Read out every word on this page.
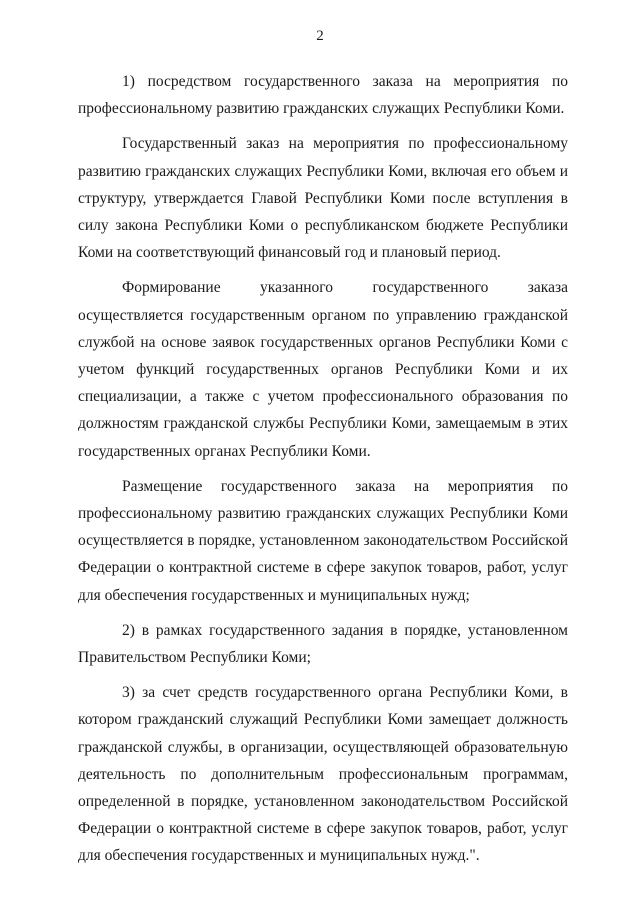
2

1) посредством государственного заказа на мероприятия по профессиональному развитию гражданских служащих Республики Коми.

Государственный заказ на мероприятия по профессиональному развитию гражданских служащих Республики Коми, включая его объем и структуру, утверждается Главой Республики Коми после вступления в силу закона Республики Коми о республиканском бюджете Республики Коми на соответствующий финансовый год и плановый период.

Формирование указанного государственного заказа осуществляется государственным органом по управлению гражданской службой на основе заявок государственных органов Республики Коми с учетом функций государственных органов Республики Коми и их специализации, а также с учетом профессионального образования по должностям гражданской службы Республики Коми, замещаемым в этих государственных органах Республики Коми.

Размещение государственного заказа на мероприятия по профессиональному развитию гражданских служащих Республики Коми осуществляется в порядке, установленном законодательством Российской Федерации о контрактной системе в сфере закупок товаров, работ, услуг для обеспечения государственных и муниципальных нужд;

2) в рамках государственного задания в порядке, установленном Правительством Республики Коми;

3) за счет средств государственного органа Республики Коми, в котором гражданский служащий Республики Коми замещает должность гражданской службы, в организации, осуществляющей образовательную деятельность по дополнительным профессиональным программам, определенной в порядке, установленном законодательством Российской Федерации о контрактной системе в сфере закупок товаров, работ, услуг для обеспечения государственных и муниципальных нужд.".
